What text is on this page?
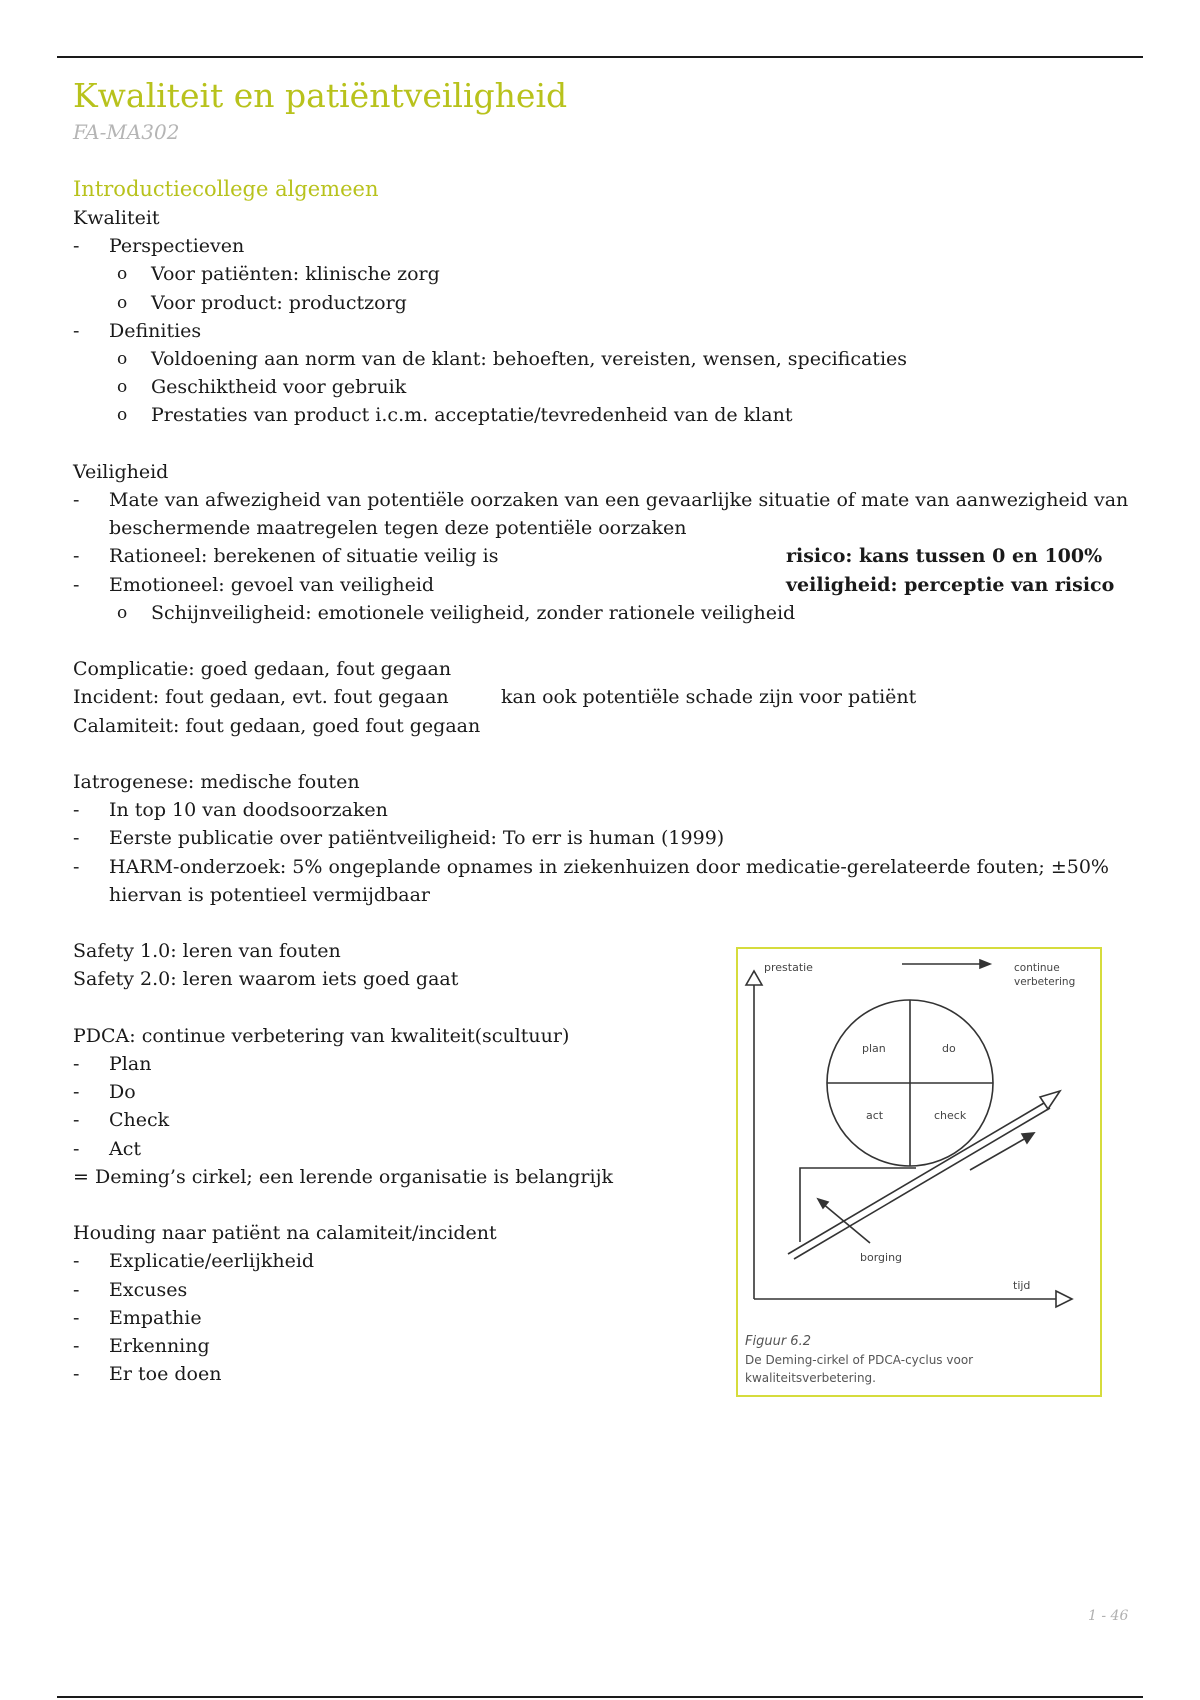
Kwaliteit en patiëntveiligheid
FA-MA302
Introductiecollege algemeen
Kwaliteit
- Perspectieven
o Voor patiënten: klinische zorg
o Voor product: productzorg
- Definities
o Voldoening aan norm van de klant: behoeften, vereisten, wensen, specificaties
o Geschiktheid voor gebruik
o Prestaties van product i.c.m. acceptatie/tevredenheid van de klant
Veiligheid
- Mate van afwezigheid van potentiële oorzaken van een gevaarlijke situatie of mate van aanwezigheid van beschermende maatregelen tegen deze potentiële oorzaken
- Rationeel: berekenen of situatie veilig is	risico: kans tussen 0 en 100%
- Emotioneel: gevoel van veiligheid	veiligheid: perceptie van risico
o Schijnveiligheid: emotionele veiligheid, zonder rationele veiligheid
Complicatie: goed gedaan, fout gegaan
Incident: fout gedaan, evt. fout gegaan	kan ook potentiële schade zijn voor patiënt
Calamiteit: fout gedaan, goed fout gegaan
Iatrogenese: medische fouten
- In top 10 van doodsoorzaken
- Eerste publicatie over patiëntveiligheid: To err is human (1999)
- HARM-onderzoek: 5% ongeplande opnames in ziekenhuizen door medicatie-gerelateerde fouten; ±50% hiervan is potentieel vermijdbaar
Safety 1.0: leren van fouten
Safety 2.0: leren waarom iets goed gaat
PDCA: continue verbetering van kwaliteit(scultuur)
- Plan
- Do
- Check
- Act
= Deming’s cirkel; een lerende organisatie is belangrijk
Houding naar patiënt na calamiteit/incident
- Explicatie/eerlijkheid
- Excuses
- Empathie
- Erkenning
- Er toe doen
prestatie
tijd
continue
verbetering
plan	do
act	check
borging
Figuur 6.2
De Deming-cirkel of PDCA-cyclus voor kwaliteitsverbetering.
1 - 46
